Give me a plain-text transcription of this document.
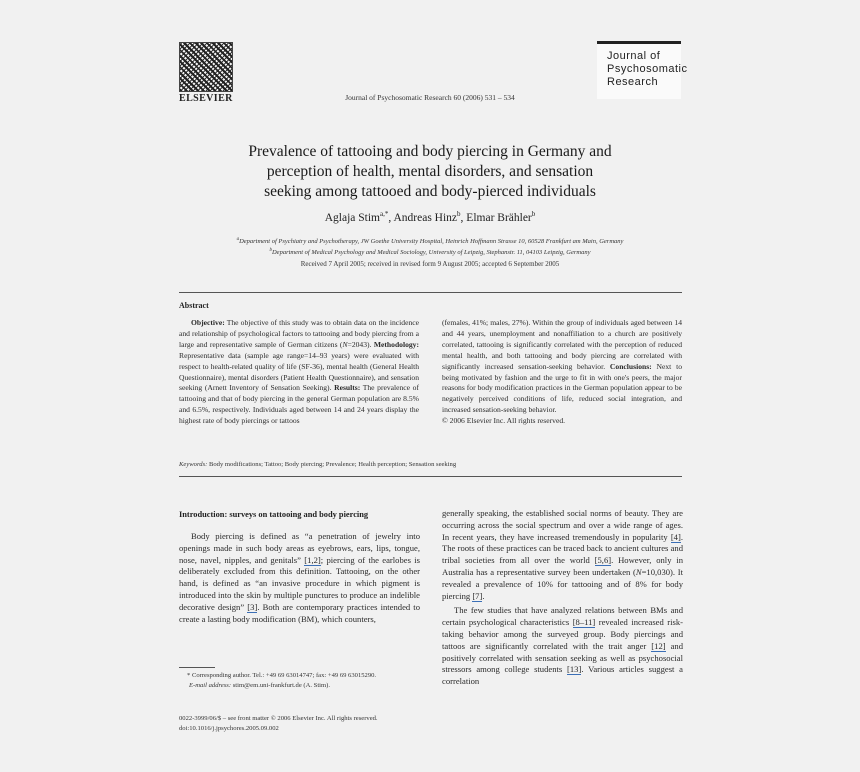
ELSEVIER	Journal of Psychosomatic Research 60 (2006) 531 – 534
Journal of
Psychosomatic
Research
Prevalence of tattooing and body piercing in Germany and
perception of health, mental disorders, and sensation
seeking among tattooed and body-pierced individuals
Aglaja Stim$^{a,*}$, Andreas Hinz$^b$, Elmar Brähler$^b$
$^a$Department of Psychiatry and Psychotherapy, JW Goethe University Hospital, Heinrich Hoffmann Strasse 10, 60528 Frankfurt am Main, Germany
$^b$Department of Medical Psychology and Medical Sociology, University of Leipzig, Stephanstr. 11, 04103 Leipzig, Germany
Received 7 April 2005; received in revised form 9 August 2005; accepted 6 September 2005
Abstract
Objective: The objective of this study was to obtain data on the incidence and relationship of psychological factors to tattooing and body piercing from a large and representative sample of German citizens (N=2043). Methodology: Representative data (sample age range=14–93 years) were evaluated with respect to health-related quality of life (SF-36), mental health (General Health Questionnaire), mental disorders (Patient Health Questionnaire), and sensation seeking (Arnett Inventory of Sensation Seeking). Results: The prevalence of tattooing and that of body piercing in the general German population are 8.5% and 6.5%, respectively. Individuals aged between 14 and 24 years display the highest rate of body piercings or tattoos
(females, 41%; males, 27%). Within the group of individuals aged between 14 and 44 years, unemployment and nonaffiliation to a church are positively correlated, tattooing is significantly correlated with the perception of reduced mental health, and both tattooing and body piercing are correlated with significantly increased sensation-seeking behavior. Conclusions: Next to being motivated by fashion and the urge to fit in with one's peers, the major reasons for body modification practices in the German population appear to be negatively perceived conditions of life, reduced social integration, and increased sensation-seeking behavior.
© 2006 Elsevier Inc. All rights reserved.
Keywords: Body modifications; Tattoo; Body piercing; Prevalence; Health perception; Sensation seeking
Introduction: surveys on tattooing and body piercing

Body piercing is defined as “a penetration of jewelry into openings made in such body areas as eyebrows, ears, lips, tongue, nose, navel, nipples, and genitals” [1,2]; piercing of the earlobes is deliberately excluded from this definition. Tattooing, on the other hand, is defined as “an invasive procedure in which pigment is introduced into the skin by multiple punctures to produce an indelible decorative design” [3]. Both are contemporary practices intended to create a lasting body modification (BM), which counters,

* Corresponding author. Tel.: +49 69 63014747; fax: +49 69 63015290.
E-mail address: stim@em.uni-frankfurt.de (A. Stim).
0022-3999/06/$ – see front matter © 2006 Elsevier Inc. All rights reserved.
doi:10.1016/j.jpsychores.2005.09.002

generally speaking, the established social norms of beauty. They are occurring across the social spectrum and over a wide range of ages. In recent years, they have increased tremendously in popularity [4]. The roots of these practices can be traced back to ancient cultures and tribal societies from all over the world [5,6]. However, only in Australia has a representative survey been undertaken (N=10,030). It revealed a prevalence of 10% for tattooing and of 8% for body piercing [7].

The few studies that have analyzed relations between BMs and certain psychological characteristics [8–11] revealed increased risk-taking behavior among the surveyed group. Body piercings and tattoos are significantly correlated with the trait anger [12] and positively correlated with sensation seeking as well as psychosocial stressors among college students [13]. Various articles suggest a correlation
